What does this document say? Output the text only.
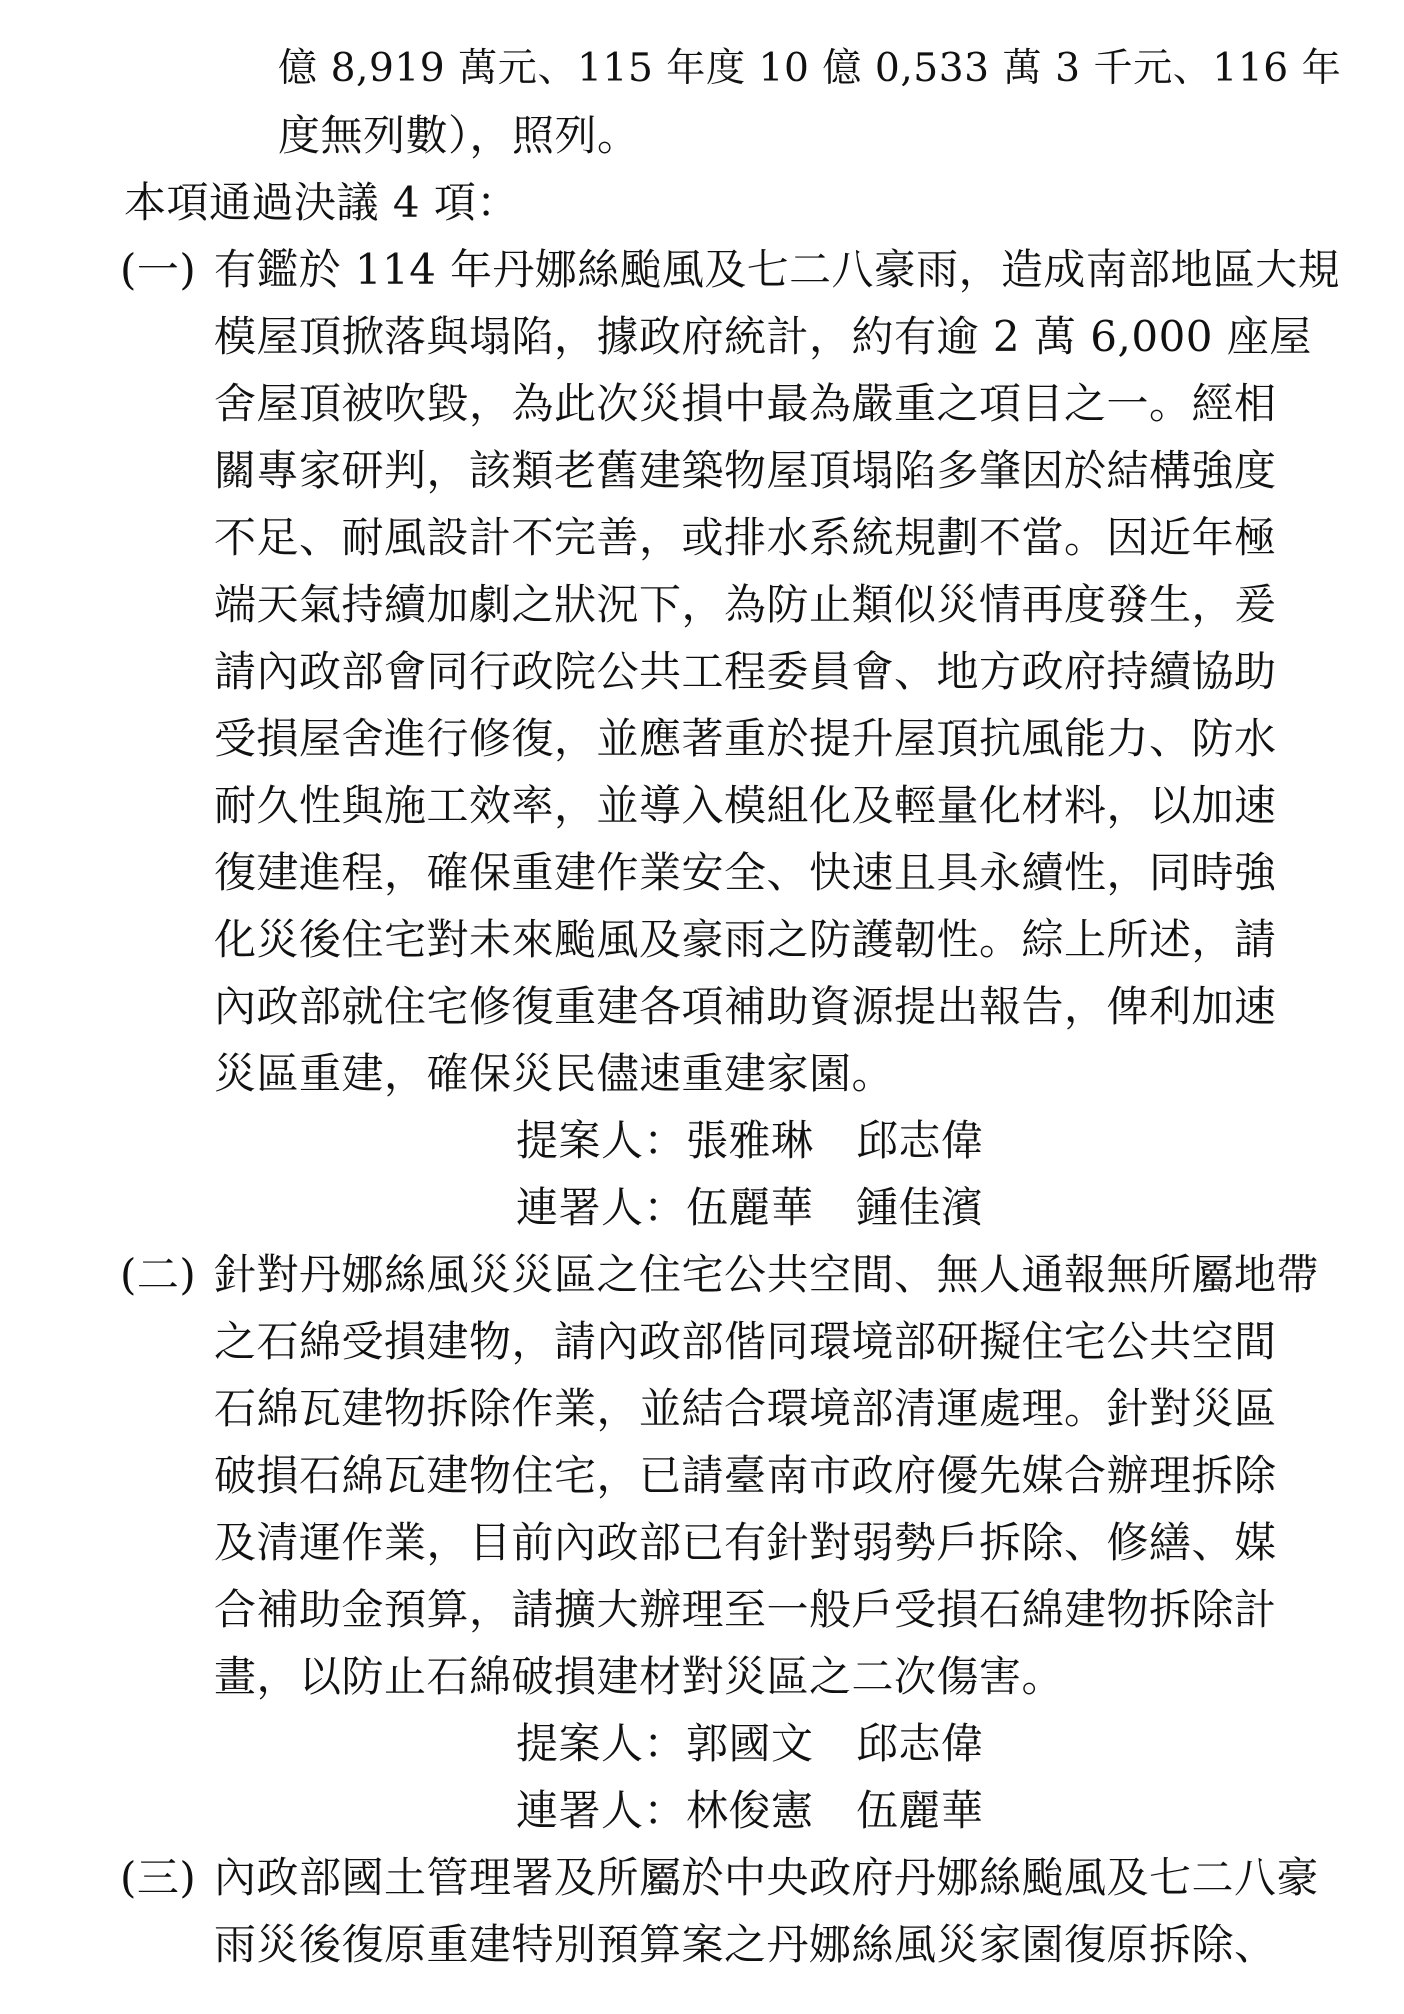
億 8,919 萬元、115 年度 10 億 0,533 萬 3 千元、116 年
度無列數），照列。
本項通過決議 4 項：
(一) 有鑑於 114 年丹娜絲颱風及七二八豪雨，造成南部地區大規
模屋頂掀落與塌陷，據政府統計，約有逾 2 萬 6,000 座屋
舍屋頂被吹毀，為此次災損中最為嚴重之項目之一。經相
關專家研判，該類老舊建築物屋頂塌陷多肇因於結構強度
不足、耐風設計不完善，或排水系統規劃不當。因近年極
端天氣持續加劇之狀況下，為防止類似災情再度發生，爰
請內政部會同行政院公共工程委員會、地方政府持續協助
受損屋舍進行修復，並應著重於提升屋頂抗風能力、防水
耐久性與施工效率，並導入模組化及輕量化材料，以加速
復建進程，確保重建作業安全、快速且具永續性，同時強
化災後住宅對未來颱風及豪雨之防護韌性。綜上所述，請
內政部就住宅修復重建各項補助資源提出報告，俾利加速
災區重建，確保災民儘速重建家園。
提案人：張雅琳　邱志偉
連署人：伍麗華　鍾佳濱
(二) 針對丹娜絲風災災區之住宅公共空間、無人通報無所屬地帶
之石綿受損建物，請內政部偕同環境部研擬住宅公共空間
石綿瓦建物拆除作業，並結合環境部清運處理。針對災區
破損石綿瓦建物住宅，已請臺南市政府優先媒合辦理拆除
及清運作業，目前內政部已有針對弱勢戶拆除、修繕、媒
合補助金預算，請擴大辦理至一般戶受損石綿建物拆除計
畫，以防止石綿破損建材對災區之二次傷害。
提案人：郭國文　邱志偉
連署人：林俊憲　伍麗華
(三) 內政部國土管理署及所屬於中央政府丹娜絲颱風及七二八豪
雨災後復原重建特別預算案之丹娜絲風災家園復原拆除、
